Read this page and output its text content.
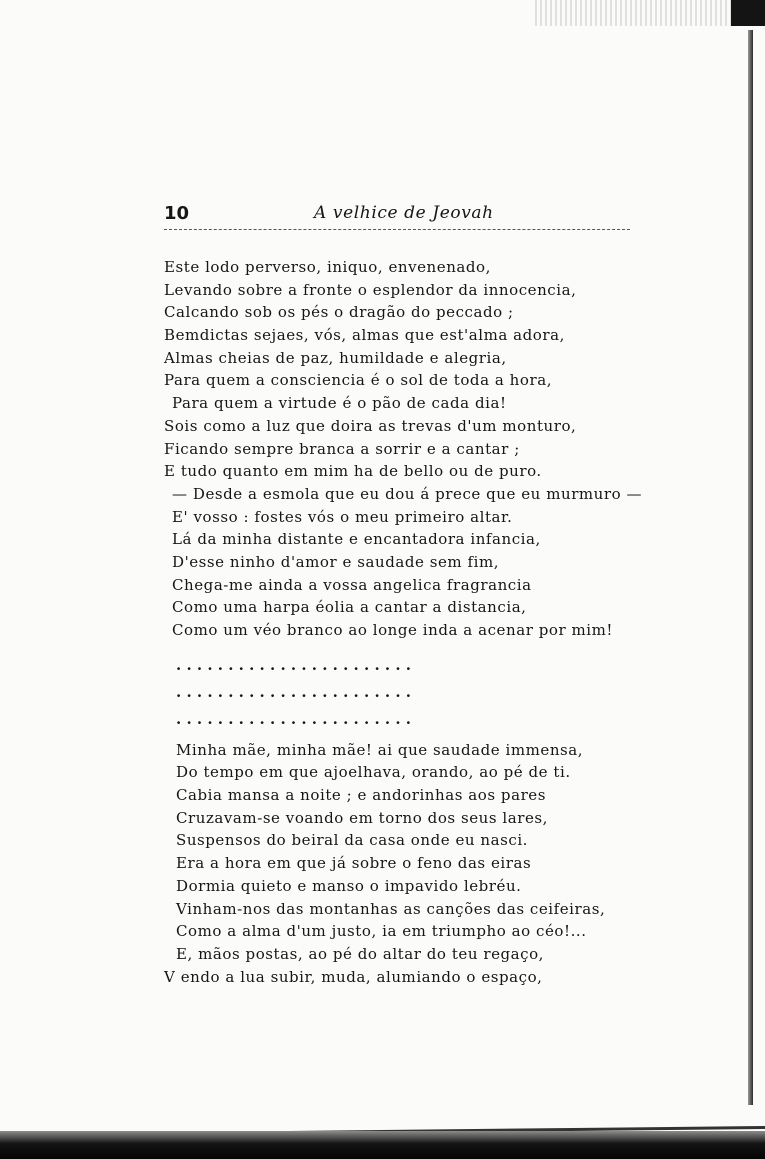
10	A velhice de Jeovah
Este lodo perverso, iniquo, envenenado,
Levando sobre a fronte o esplendor da innocencia,
Calcando sob os pés o dragão do peccado ;
Bemdictas sejaes, vós, almas que est'alma adora,
Almas cheias de paz, humildade e alegria,
Para quem a consciencia é o sol de toda a hora,
Para quem a virtude é o pão de cada dia!
Sois como a luz que doira as trevas d'um monturo,
Ficando sempre branca a sorrir e a cantar ;
E tudo quanto em mim ha de bello ou de puro.
— Desde a esmola que eu dou á prece que eu murmuro —
E' vosso : fostes vós o meu primeiro altar.
Lá da minha distante e encantadora infancia,
D'esse ninho d'amor e saudade sem fim,
Chega-me ainda a vossa angelica fragrancia
Como uma harpa éolia a cantar a distancia,
Como um véo branco ao longe inda a acenar por mim!
. . . . . . . . . . . . . . . . . . . . . . .
. . . . . . . . . . . . . . . . . . . . . . .
. . . . . . . . . . . . . . . . . . . . . . .
Minha mãe, minha mãe! ai que saudade immensa,
Do tempo em que ajoelhava, orando, ao pé de ti.
Cabia mansa a noite ; e andorinhas aos pares
Cruzavam-se voando em torno dos seus lares,
Suspensos do beiral da casa onde eu nasci.
Era a hora em que já sobre o feno das eiras
Dormia quieto e manso o impavido lebréu.
Vinham-nos das montanhas as canções das ceifeiras,
Como a alma d'um justo, ia em triumpho ao céo!...
E, mãos postas, ao pé do altar do teu regaço,
V endo a lua subir, muda, alumiando o espaço,
